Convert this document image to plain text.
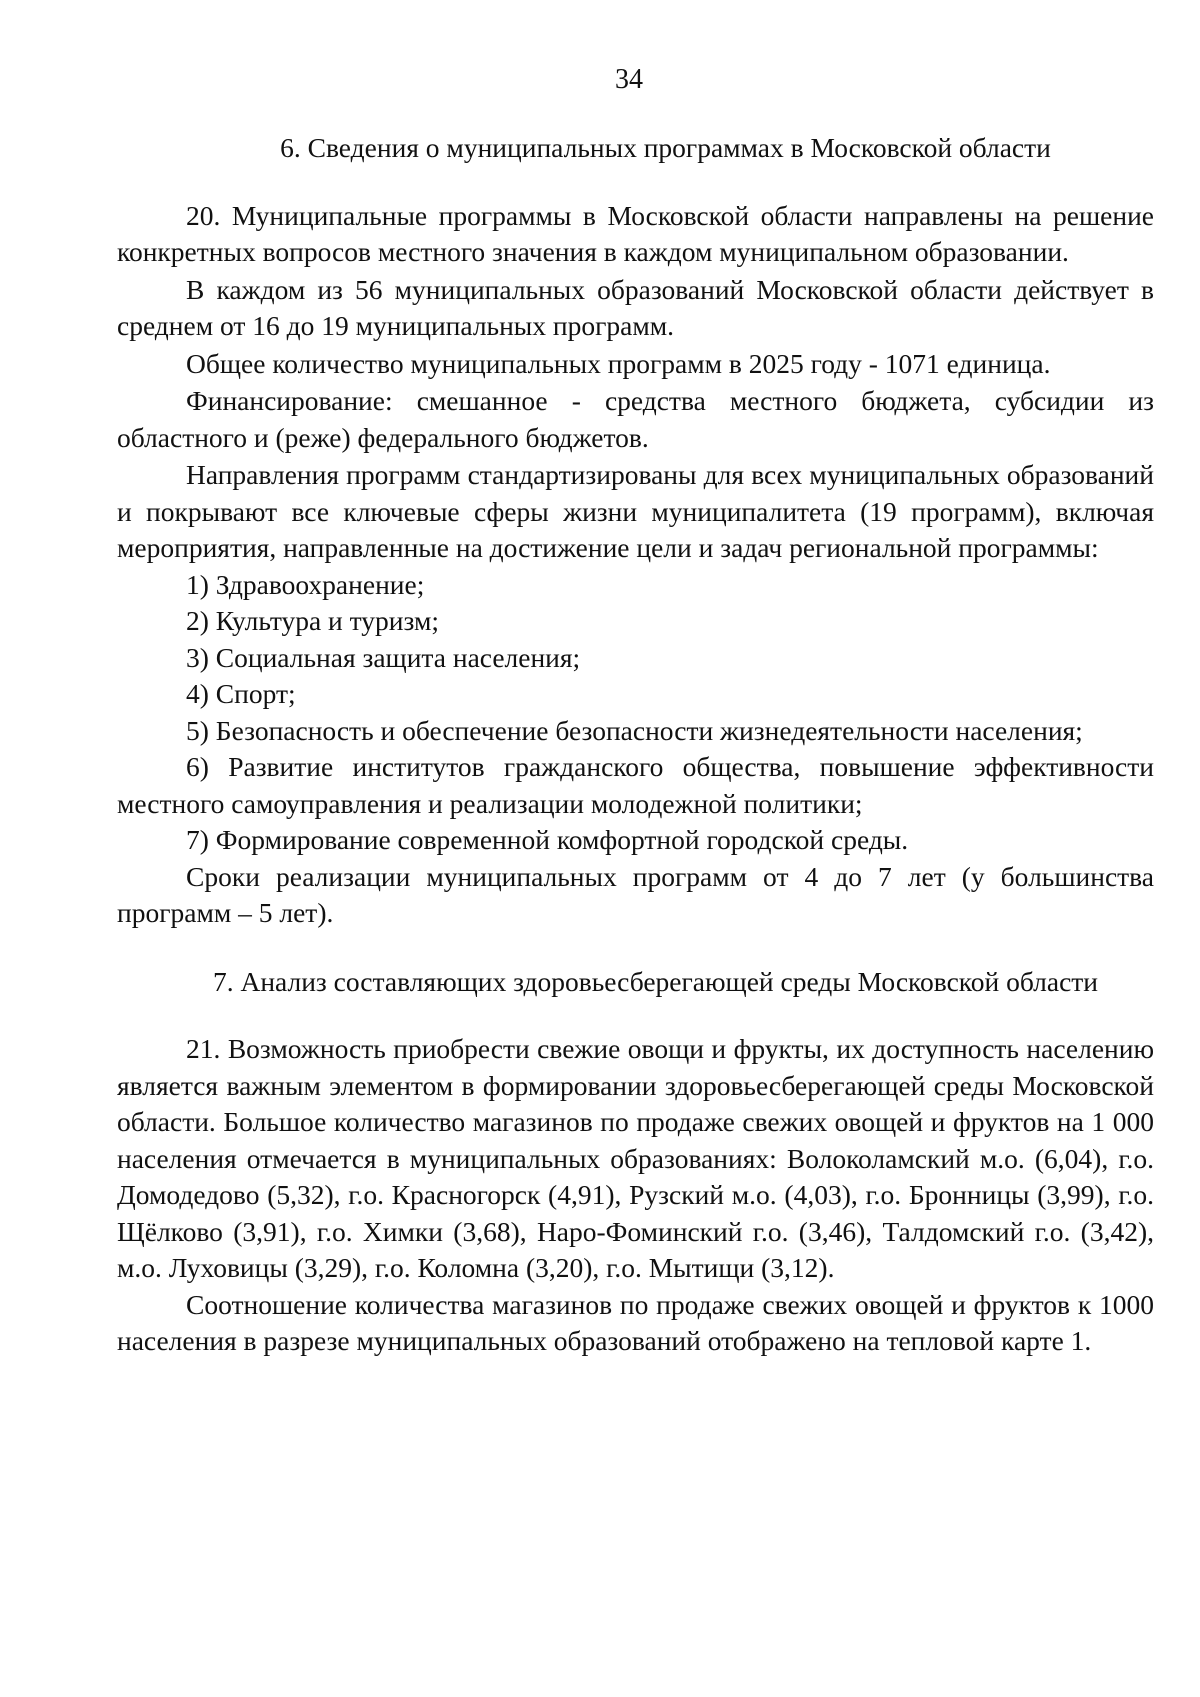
34
6. Сведения о муниципальных программах в Московской области

20. Муниципальные программы в Московской области направлены на решение конкретных вопросов местного значения в каждом муниципальном образовании.

В каждом из 56 муниципальных образований Московской области действует в среднем от 16 до 19 муниципальных программ.

Общее количество муниципальных программ в 2025 году - 1071 единица.

Финансирование: смешанное - средства местного бюджета, субсидии из областного и (реже) федерального бюджетов.

Направления программ стандартизированы для всех муниципальных образований и покрывают все ключевые сферы жизни муниципалитета (19 программ), включая мероприятия, направленные на достижение цели и задач региональной программы:

1) Здравоохранение;

2) Культура и туризм;

3) Социальная защита населения;

4) Спорт;

5) Безопасность и обеспечение безопасности жизнедеятельности населения;

6) Развитие институтов гражданского общества, повышение эффективности местного самоуправления и реализации молодежной политики;

7) Формирование современной комфортной городской среды.

Сроки реализации муниципальных программ от 4 до 7 лет (у большинства программ – 5 лет).

7. Анализ составляющих здоровьесберегающей среды Московской области

21. Возможность приобрести свежие овощи и фрукты, их доступность населению является важным элементом в формировании здоровьесберегающей среды Московской области. Большое количество магазинов по продаже свежих овощей и фруктов на 1 000 населения отмечается в муниципальных образованиях: Волоколамский м.о. (6,04), г.о. Домодедово (5,32), г.о. Красногорск (4,91), Рузский м.о. (4,03), г.о. Бронницы (3,99), г.о. Щёлково (3,91), г.о. Химки (3,68), Наро-Фоминский г.о. (3,46), Талдомский г.о. (3,42), м.о. Луховицы (3,29), г.о. Коломна (3,20), г.о. Мытищи (3,12).

Соотношение количества магазинов по продаже свежих овощей и фруктов к 1000 населения в разрезе муниципальных образований отображено на тепловой карте 1.
